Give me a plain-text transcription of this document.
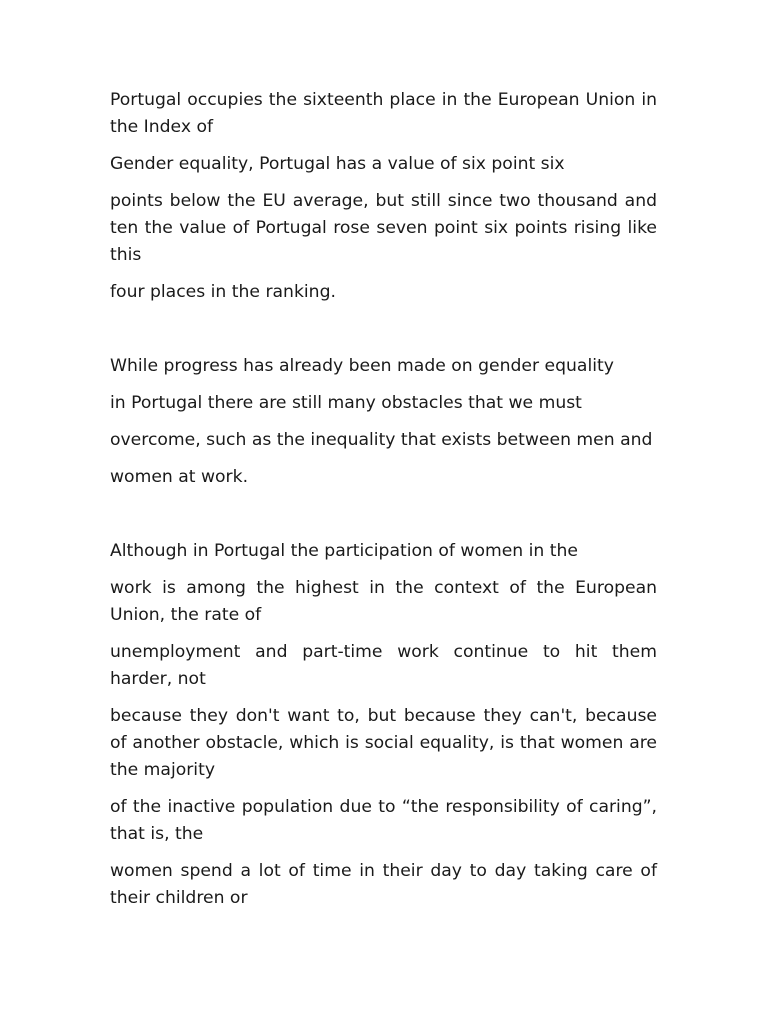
Portugal occupies the sixteenth place in the European Union in the Index of

Gender equality, Portugal has a value of six point six

points below the EU average, but still since two thousand and ten the value of Portugal rose seven point six points rising like this

four places in the ranking.

While progress has already been made on gender equality

in Portugal there are still many obstacles that we must

overcome, such as the inequality that exists between men and

women at work.

Although in Portugal the participation of women in the

work is among the highest in the context of the European Union, the rate of

unemployment and part-time work continue to hit them harder, not

because they don't want to, but because they can't, because of another obstacle, which is social equality, is that women are the majority

of the inactive population due to “the responsibility of caring”, that is, the

women spend a lot of time in their day to day taking care of their children or
